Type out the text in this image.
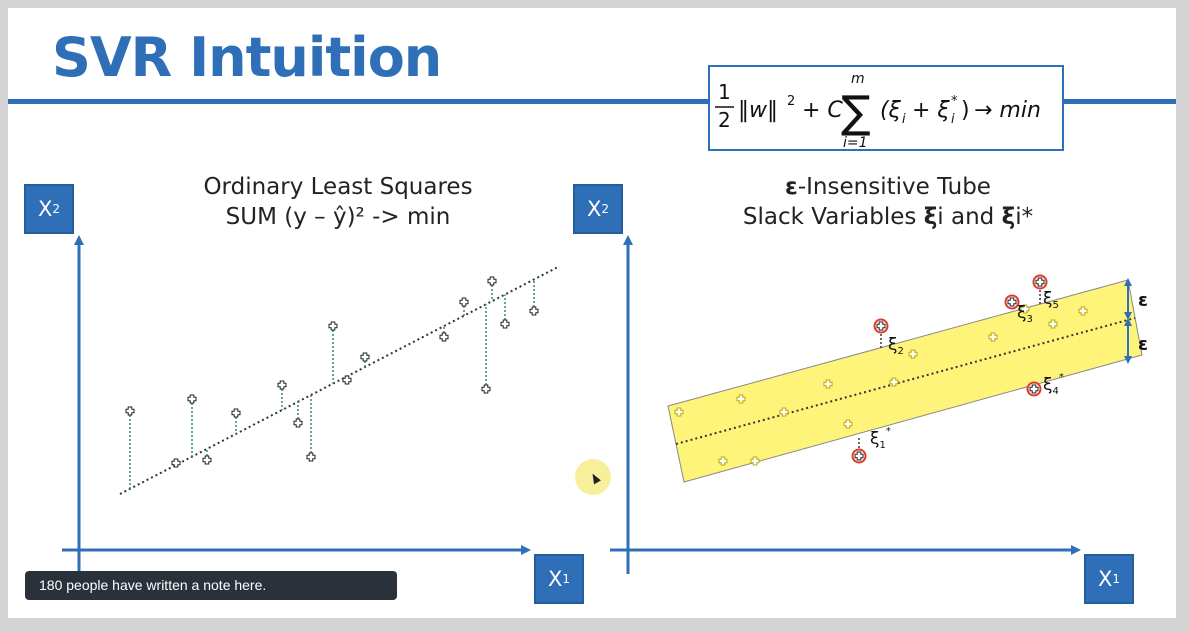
SVR Intuition
1
2 ‖w‖ 2 + C
m
∑
i=1
(ξ i + ξ *
i ) → min
Ordinary Least Squares
SUM (y – ŷ)² -> min
ε-Insensitive Tube
Slack Variables ξi and ξi*
X 2
X 1
X 2
X 1
ε
ε
$\xi_1^*$
$\xi_2$
$\xi_3$
$\xi_4^*$
$\xi_5$
180 people have written a note here.
